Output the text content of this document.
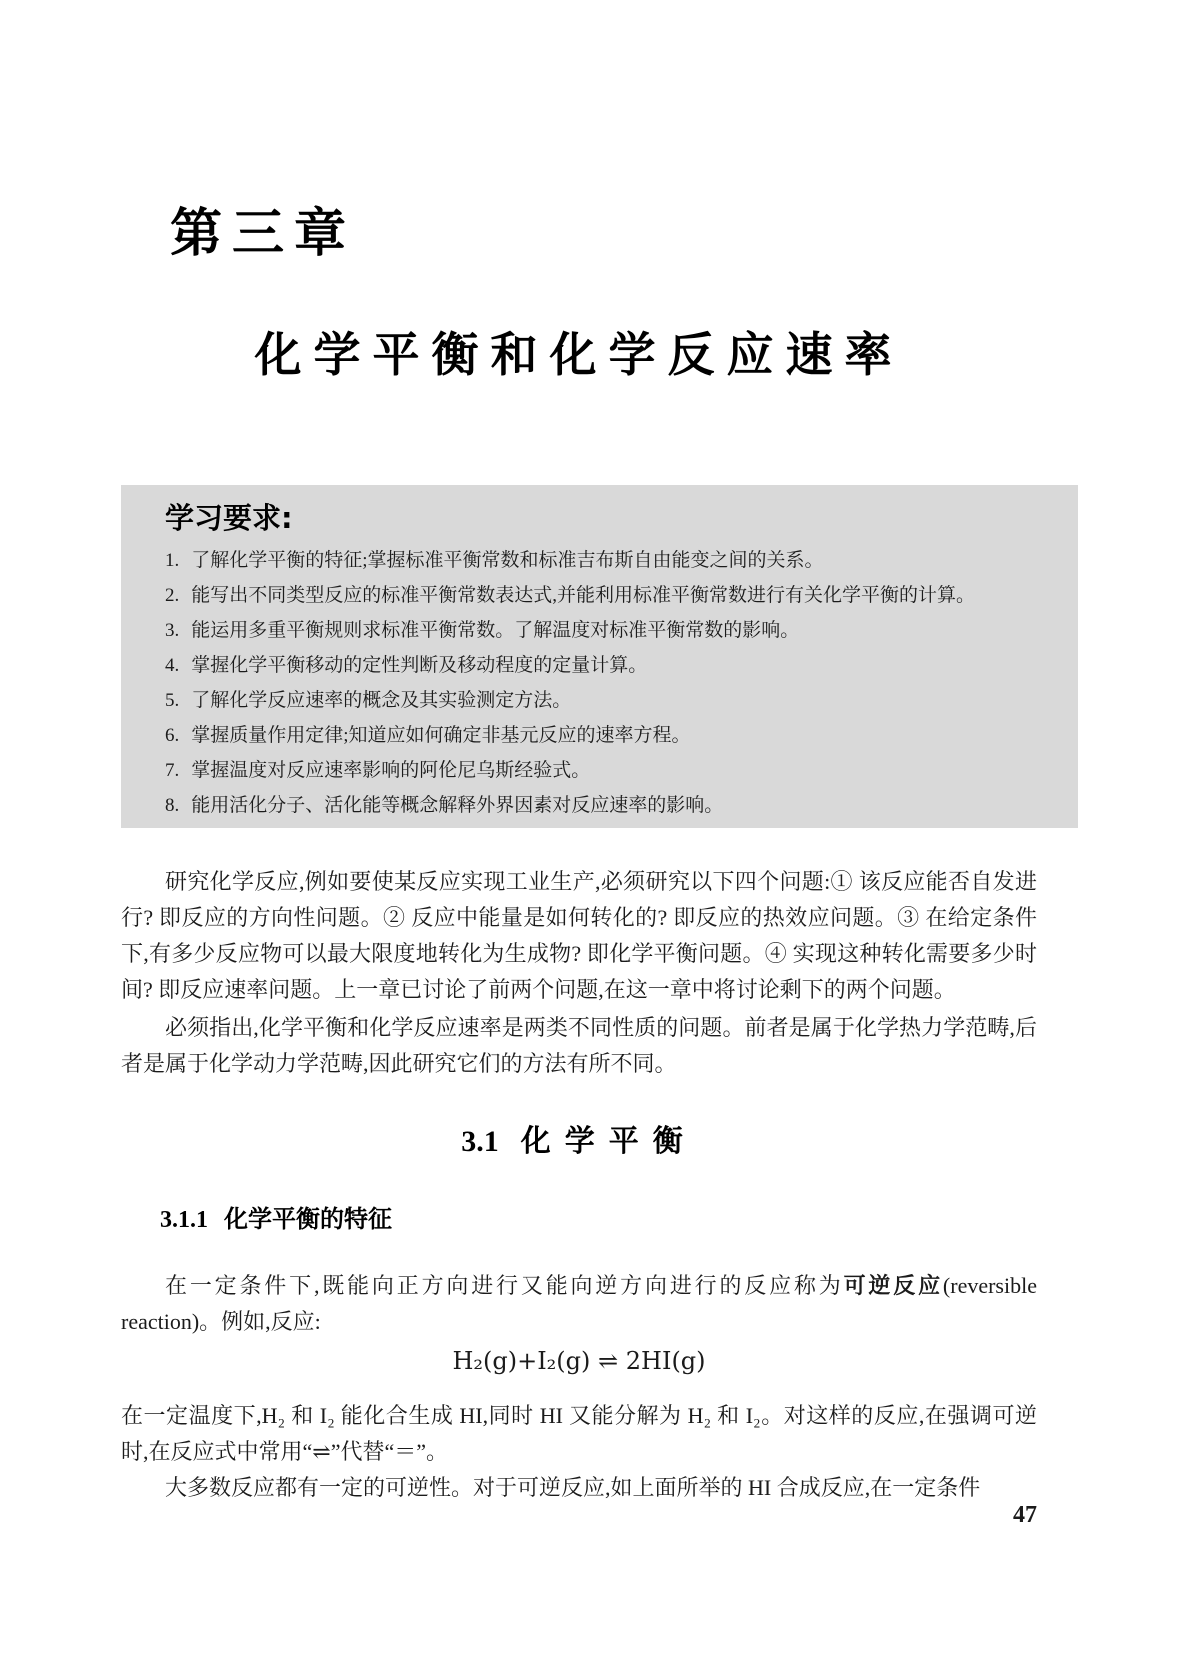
第三章
化学平衡和化学反应速率
学习要求:
1. 了解化学平衡的特征;掌握标准平衡常数和标准吉布斯自由能变之间的关系。
2. 能写出不同类型反应的标准平衡常数表达式,并能利用标准平衡常数进行有关化学平衡的计算。
3. 能运用多重平衡规则求标准平衡常数。了解温度对标准平衡常数的影响。
4. 掌握化学平衡移动的定性判断及移动程度的定量计算。
5. 了解化学反应速率的概念及其实验测定方法。
6. 掌握质量作用定律;知道应如何确定非基元反应的速率方程。
7. 掌握温度对反应速率影响的阿伦尼乌斯经验式。
8. 能用活化分子、活化能等概念解释外界因素对反应速率的影响。

研究化学反应,例如要使某反应实现工业生产,必须研究以下四个问题:① 该反应能否自发进行? 即反应的方向性问题。② 反应中能量是如何转化的? 即反应的热效应问题。③ 在给定条件下,有多少反应物可以最大限度地转化为生成物? 即化学平衡问题。④ 实现这种转化需要多少时间? 即反应速率问题。上一章已讨论了前两个问题,在这一章中将讨论剩下的两个问题。

必须指出,化学平衡和化学反应速率是两类不同性质的问题。前者是属于化学热力学范畴,后者是属于化学动力学范畴,因此研究它们的方法有所不同。

3.1 化学平衡
3.1.1 化学平衡的特征

在一定条件下,既能向正方向进行又能向逆方向进行的反应称为可逆反应(reversible reaction)。例如,反应:

H₂(g)+I₂(g) ⇌ 2HI(g)

在一定温度下,H₂ 和 I₂ 能化合生成 HI,同时 HI 又能分解为 H₂ 和 I₂。对这样的反应,在强调可逆时,在反应式中常用“⇌”代替“＝”。

大多数反应都有一定的可逆性。对于可逆反应,如上面所举的 HI 合成反应,在一定条件

47
